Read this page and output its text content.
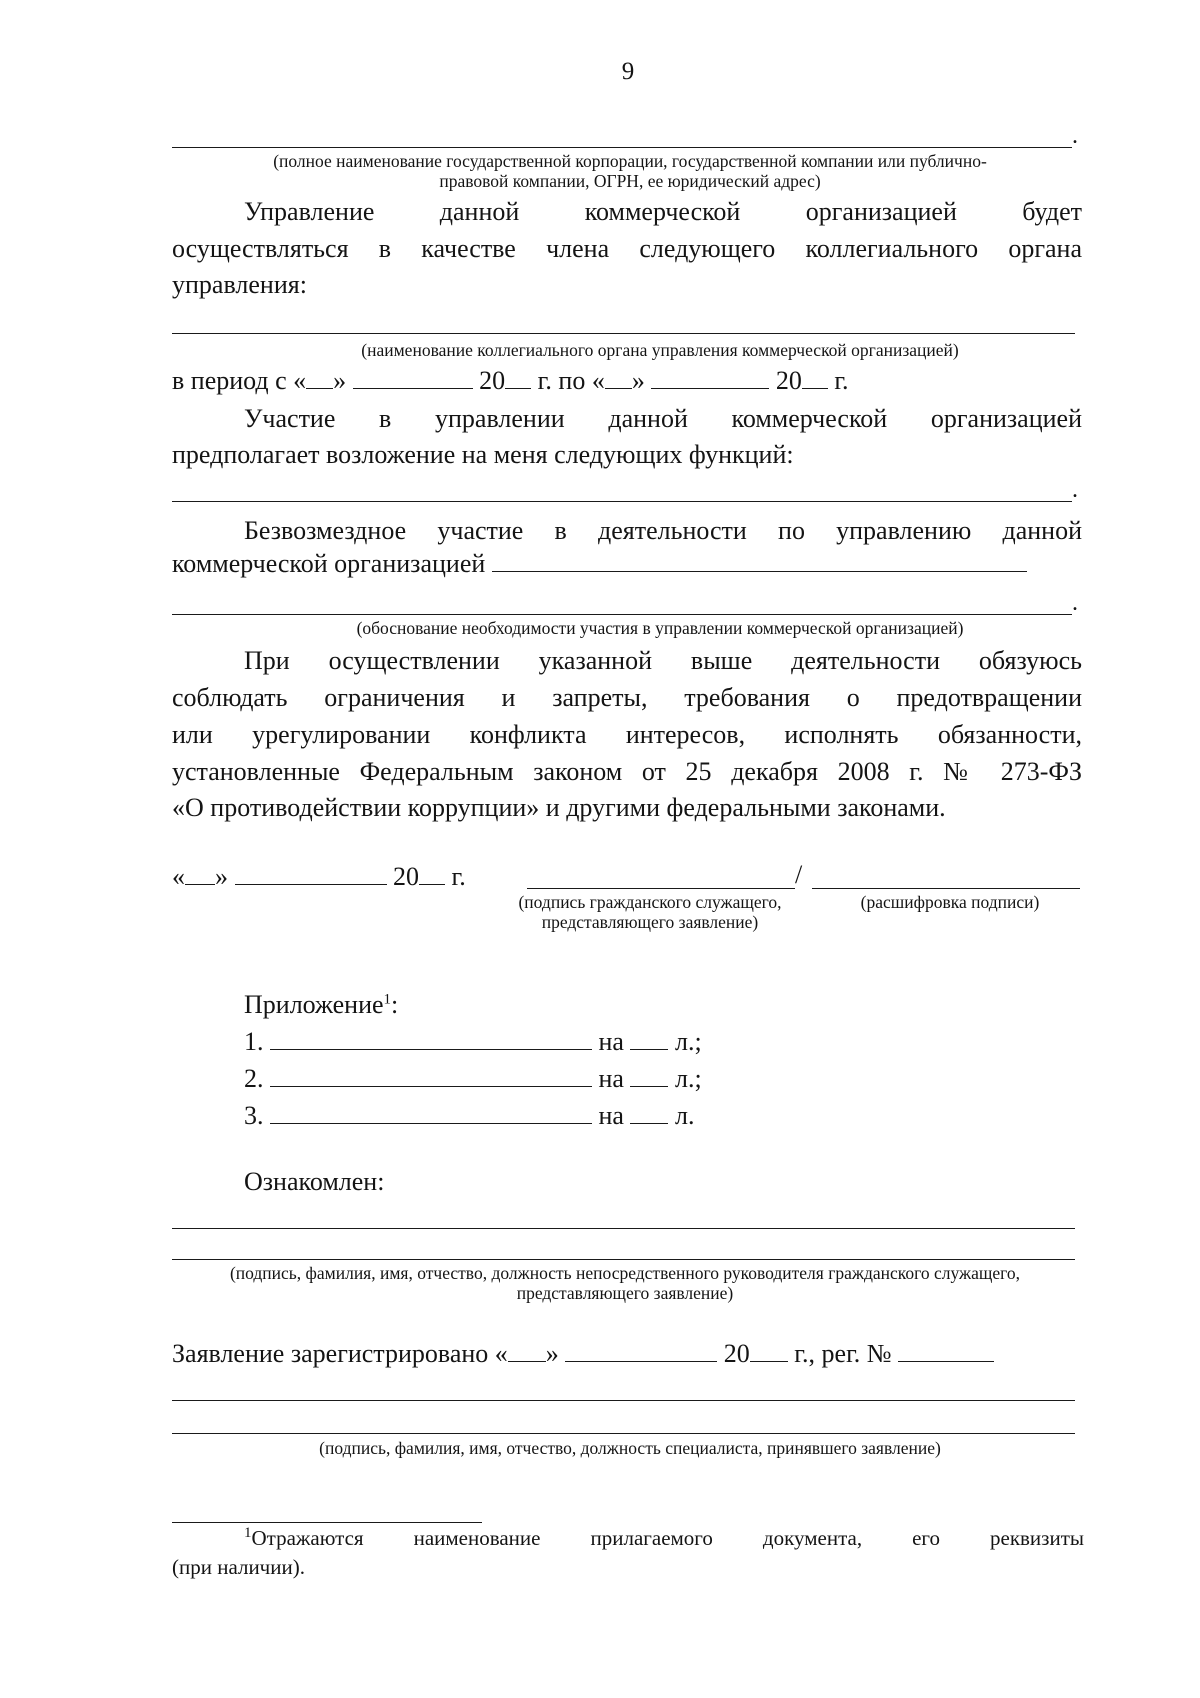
9
.
(полное наименование государственной корпорации, государственной компании или публично-правовой компании, ОГРН, ее юридический адрес)
Управление данной коммерческой организацией будет
осуществляться в качестве члена следующего коллегиального органа
управления:
(наименование коллегиального органа управления коммерческой организацией)
в период с « »	20 г. по « »	20 г.
Участие в управлении данной коммерческой организацией
предполагает возложение на меня следующих функций:
.
Безвозмездное участие в деятельности по управлению данной
коммерческой организацией
.
(обоснование необходимости участия в управлении коммерческой организацией)
При осуществлении указанной выше деятельности обязуюсь
соблюдать ограничения и запреты, требования о предотвращении
или урегулировании конфликта интересов, исполнять обязанности,
установленные Федеральным законом от 25 декабря 2008 г. № 273-ФЗ
«О противодействии коррупции» и другими федеральными законами.
« »	20 г.	/
(подпись гражданского служащего, представляющего заявление)
(расшифровка подписи)
Приложение$^1$:
1.	на л.;
2.	на л.;
3.	на л.
Ознакомлен:
(подпись, фамилия, имя, отчество, должность непосредственного руководителя гражданского служащего, представляющего заявление)
Заявление зарегистрировано « »	20 г., рег. №
(подпись, фамилия, имя, отчество, должность специалиста, принявшего заявление)
$^1$Отражаются наименование прилагаемого документа, его реквизиты
(при наличии).
